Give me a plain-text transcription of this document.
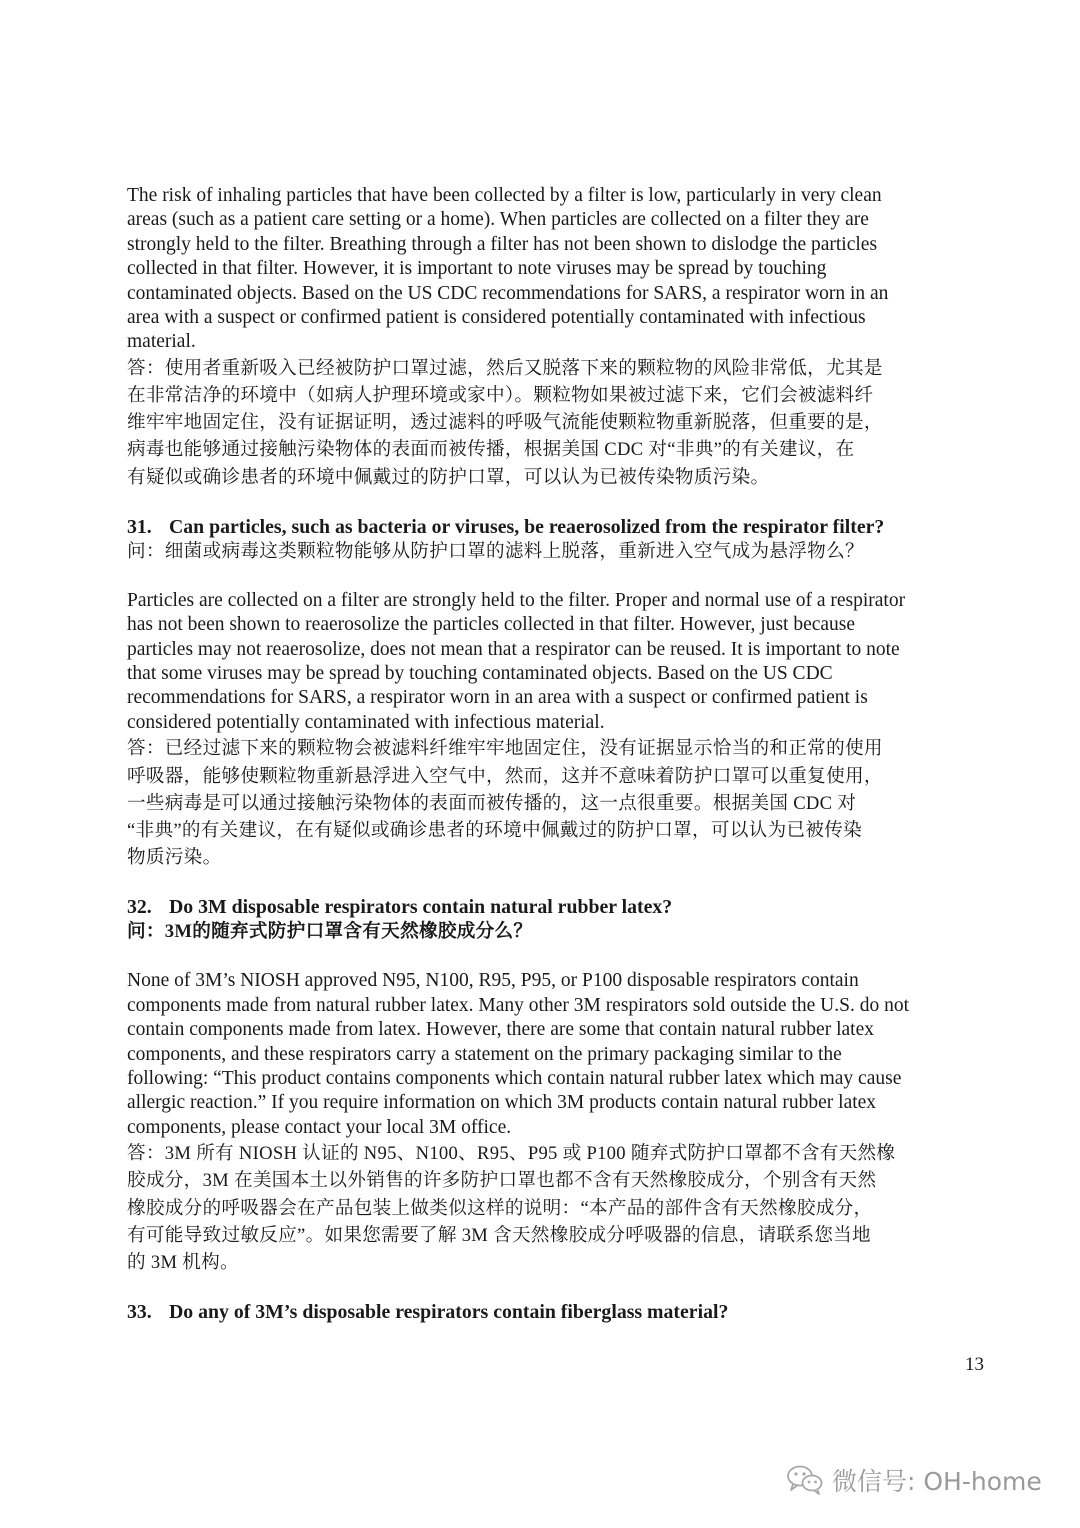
The risk of inhaling particles that have been collected by a filter is low, particularly in very clean
areas (such as a patient care setting or a home). When particles are collected on a filter they are
strongly held to the filter. Breathing through a filter has not been shown to dislodge the particles
collected in that filter. However, it is important to note viruses may be spread by touching
contaminated objects. Based on the US CDC recommendations for SARS, a respirator worn in an
area with a suspect or confirmed patient is considered potentially contaminated with infectious
material.

答：使用者重新吸入已经被防护口罩过滤，然后又脱落下来的颗粒物的风险非常低，尤其是
在非常洁净的环境中（如病人护理环境或家中）。颗粒物如果被过滤下来，它们会被滤料纤
维牢牢地固定住，没有证据证明，透过滤料的呼吸气流能使颗粒物重新脱落，但重要的是，
病毒也能够通过接触污染物体的表面而被传播，根据美国 CDC 对“非典”的有关建议，在
有疑似或确诊患者的环境中佩戴过的防护口罩，可以认为已被传染物质污染。

31. Can particles, such as bacteria or viruses, be reaerosolized from the respirator filter?

问：细菌或病毒这类颗粒物能够从防护口罩的滤料上脱落，重新进入空气成为悬浮物么？

Particles are collected on a filter are strongly held to the filter. Proper and normal use of a respirator
has not been shown to reaerosolize the particles collected in that filter. However, just because
particles may not reaerosolize, does not mean that a respirator can be reused. It is important to note
that some viruses may be spread by touching contaminated objects. Based on the US CDC
recommendations for SARS, a respirator worn in an area with a suspect or confirmed patient is
considered potentially contaminated with infectious material.

答：已经过滤下来的颗粒物会被滤料纤维牢牢地固定住，没有证据显示恰当的和正常的使用
呼吸器，能够使颗粒物重新悬浮进入空气中，然而，这并不意味着防护口罩可以重复使用，
一些病毒是可以通过接触污染物体的表面而被传播的，这一点很重要。根据美国 CDC 对
“非典”的有关建议，在有疑似或确诊患者的环境中佩戴过的防护口罩，可以认为已被传染
物质污染。

32. Do 3M disposable respirators contain natural rubber latex?

问：3M的随弃式防护口罩含有天然橡胶成分么？

None of 3M’s NIOSH approved N95, N100, R95, P95, or P100 disposable respirators contain
components made from natural rubber latex. Many other 3M respirators sold outside the U.S. do not
contain components made from latex. However, there are some that contain natural rubber latex
components, and these respirators carry a statement on the primary packaging similar to the
following: “This product contains components which contain natural rubber latex which may cause
allergic reaction.” If you require information on which 3M products contain natural rubber latex
components, please contact your local 3M office.

答：3M 所有 NIOSH 认证的 N95、N100、R95、P95 或 P100 随弃式防护口罩都不含有天然橡
胶成分，3M 在美国本土以外销售的许多防护口罩也都不含有天然橡胶成分，个别含有天然
橡胶成分的呼吸器会在产品包装上做类似这样的说明：“本产品的部件含有天然橡胶成分，
有可能导致过敏反应”。如果您需要了解 3M 含天然橡胶成分呼吸器的信息，请联系您当地
的 3M 机构。

33. Do any of 3M’s disposable respirators contain fiberglass material?

13
微信号: OH-home
